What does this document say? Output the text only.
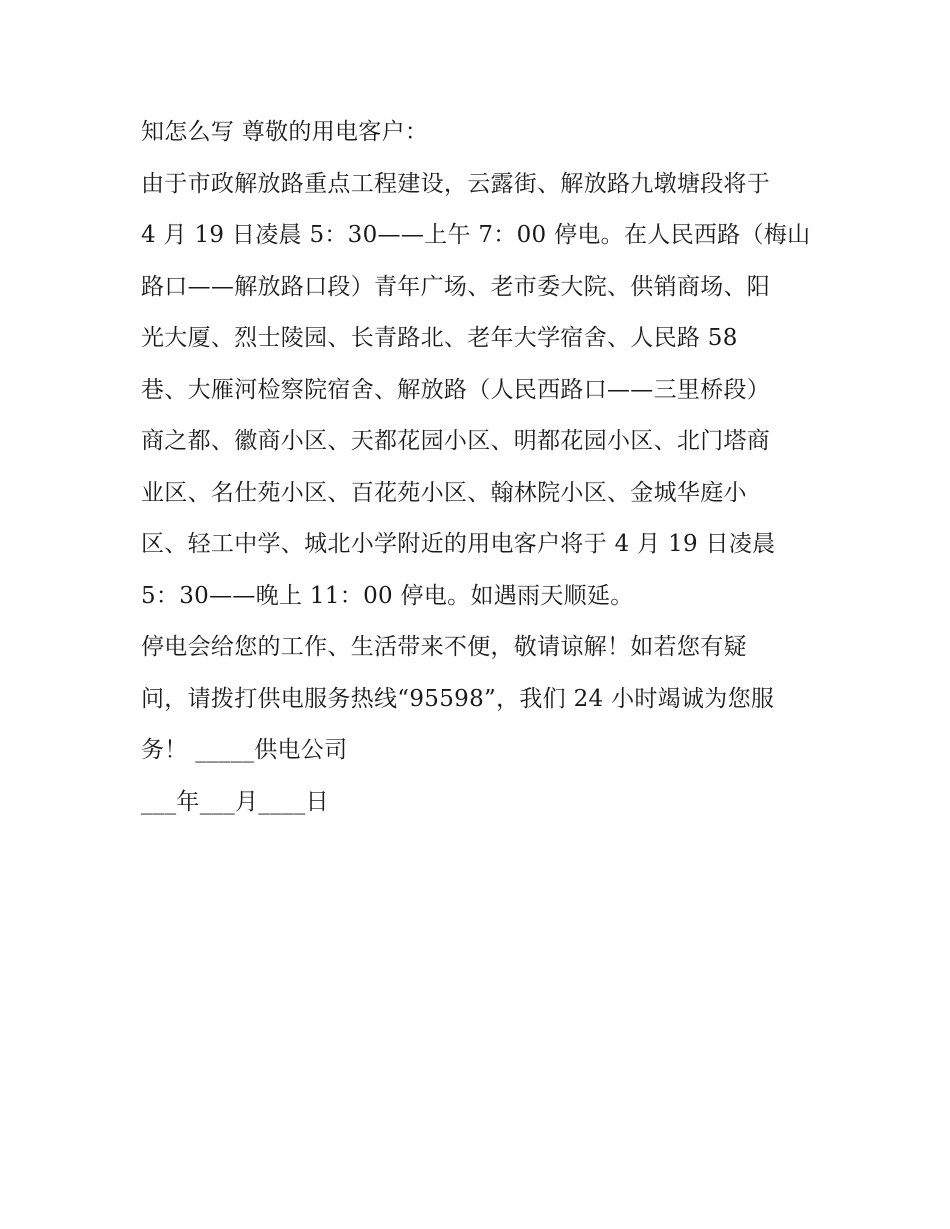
知怎么写 尊敬的用电客户：
由于市政解放路重点工程建设，云露街、解放路九墩塘段将于
4 月 19 日凌晨 5：30——上午 7：00 停电。在人民西路（梅山
路口——解放路口段）青年广场、老市委大院、供销商场、阳
光大厦、烈士陵园、长青路北、老年大学宿舍、人民路 58
巷、大雁河检察院宿舍、解放路（人民西路口——三里桥段）
商之都、徽商小区、天都花园小区、明都花园小区、北门塔商
业区、名仕苑小区、百花苑小区、翰林院小区、金城华庭小
区、轻工中学、城北小学附近的用电客户将于 4 月 19 日凌晨
5：30——晚上 11：00 停电。如遇雨天顺延。
停电会给您的工作、生活带来不便，敬请谅解！如若您有疑
问，请拨打供电服务热线“95598”，我们 24 小时竭诚为您服
务！ _____供电公司
___年___月____日
